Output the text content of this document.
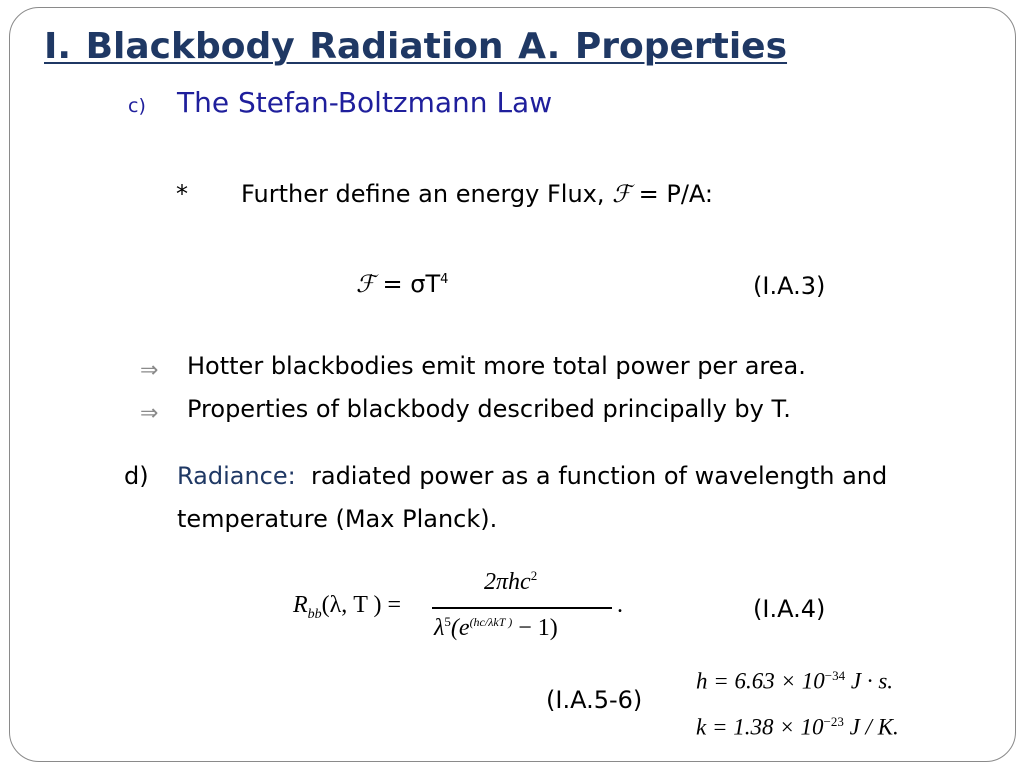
I. Blackbody Radiation A. Properties
c) The Stefan-Boltzmann Law
* Further define an energy Flux, ℱ = P/A:
ℱ = $\sigma T^4$	(I.A.3)
⇒ Hotter blackbodies emit more total power per area.
⇒ Properties of blackbody described principally by T.
d) Radiance: radiated power as a function of wavelength and
temperature (Max Planck).
$R_{bb}(\lambda$, T ) =
2πhc$^2$
$\lambda^5(e^{(hc/\lambda kT )} - 1)$
.	(I.A.4)
(I.A.5-6)
$h = 6.63 \times 10^{-34}$ J · s.
$k = 1.38 \times 10^{-23}$ J / K.
